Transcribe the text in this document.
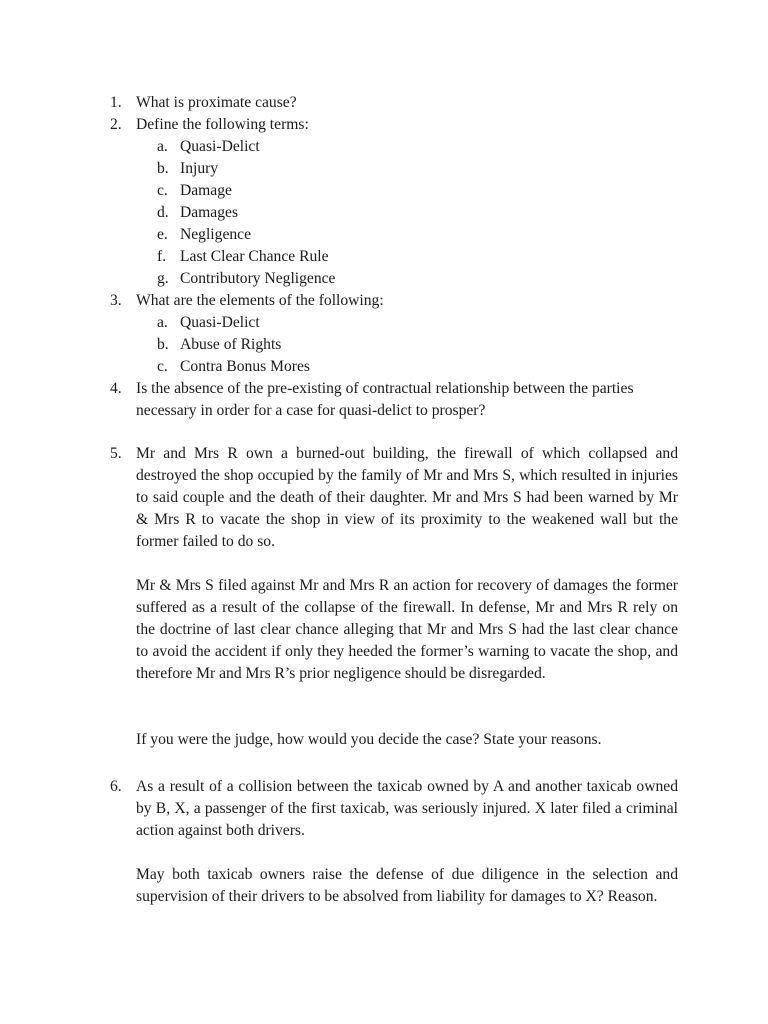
1. What is proximate cause?
2. Define the following terms:
a. Quasi-Delict
b. Injury
c. Damage
d. Damages
e. Negligence
f. Last Clear Chance Rule
g. Contributory Negligence
3. What are the elements of the following:
a. Quasi-Delict
b. Abuse of Rights
c. Contra Bonus Mores
4. Is the absence of the pre-existing of contractual relationship between the parties necessary in order for a case for quasi-delict to prosper?
5. Mr and Mrs R own a burned-out building, the firewall of which collapsed and destroyed the shop occupied by the family of Mr and Mrs S, which resulted in injuries to said couple and the death of their daughter. Mr and Mrs S had been warned by Mr & Mrs R to vacate the shop in view of its proximity to the weakened wall but the former failed to do so.
Mr & Mrs S filed against Mr and Mrs R an action for recovery of damages the former suffered as a result of the collapse of the firewall. In defense, Mr and Mrs R rely on the doctrine of last clear chance alleging that Mr and Mrs S had the last clear chance to avoid the accident if only they heeded the former’s warning to vacate the shop, and therefore Mr and Mrs R’s prior negligence should be disregarded.
If you were the judge, how would you decide the case? State your reasons.
6. As a result of a collision between the taxicab owned by A and another taxicab owned by B, X, a passenger of the first taxicab, was seriously injured. X later filed a criminal action against both drivers.
May both taxicab owners raise the defense of due diligence in the selection and supervision of their drivers to be absolved from liability for damages to X? Reason.
